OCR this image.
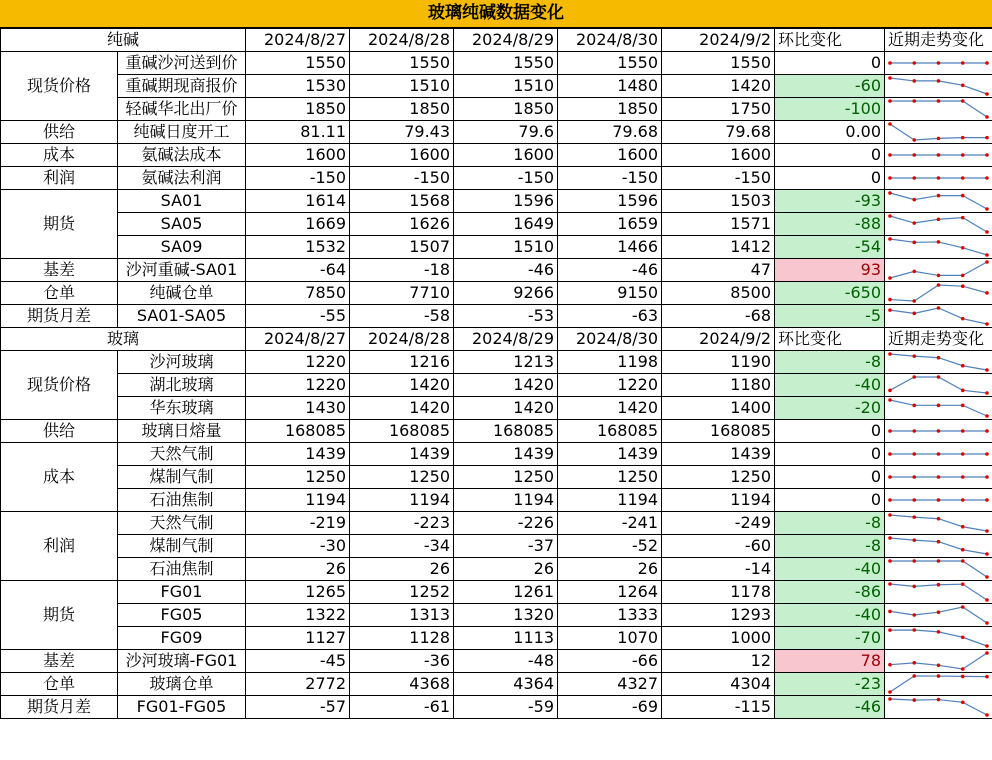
玻璃纯碱数据变化
纯碱		2024/8/27	2024/8/28	2024/8/29	2024/8/30	2024/9/2	环比变化	近期走势变化
现货价格	重碱沙河送到价	1550	1550	1550	1550	1550	0	

	重碱期现商报价	1530	1510	1510	1480	1420	-60	

	轻碱华北出厂价	1850	1850	1850	1850	1750	-100	

供给	纯碱日度开工	81.11	79.43	79.6	79.68	79.68	0.00	

成本	氨碱法成本	1600	1600	1600	1600	1600	0	

利润	氨碱法利润	-150	-150	-150	-150	-150	0	

期货	SA01	1614	1568	1596	1596	1503	-93	

	SA05	1669	1626	1649	1659	1571	-88	

	SA09	1532	1507	1510	1466	1412	-54	

基差	沙河重碱-SA01	-64	-18	-46	-46	47	93	

仓单	纯碱仓单	7850	7710	9266	9150	8500	-650	

期货月差	SA01-SA05	-55	-58	-53	-63	-68	-5	

玻璃		2024/8/27	2024/8/28	2024/8/29	2024/8/30	2024/9/2	环比变化	近期走势变化
现货价格	沙河玻璃	1220	1216	1213	1198	1190	-8	

	湖北玻璃	1220	1420	1420	1220	1180	-40	

	华东玻璃	1430	1420	1420	1420	1400	-20	

供给	玻璃日熔量	168085	168085	168085	168085	168085	0	

成本	天然气制	1439	1439	1439	1439	1439	0	

	煤制气制	1250	1250	1250	1250	1250	0	

	石油焦制	1194	1194	1194	1194	1194	0	

利润	天然气制	-219	-223	-226	-241	-249	-8	

	煤制气制	-30	-34	-37	-52	-60	-8	

	石油焦制	26	26	26	26	-14	-40	

期货	FG01	1265	1252	1261	1264	1178	-86	

	FG05	1322	1313	1320	1333	1293	-40	

	FG09	1127	1128	1113	1070	1000	-70	

基差	沙河玻璃-FG01	-45	-36	-48	-66	12	78	

仓单	玻璃仓单	2772	4368	4364	4327	4304	-23	

期货月差	FG01-FG05	-57	-61	-59	-69	-115	-46	
